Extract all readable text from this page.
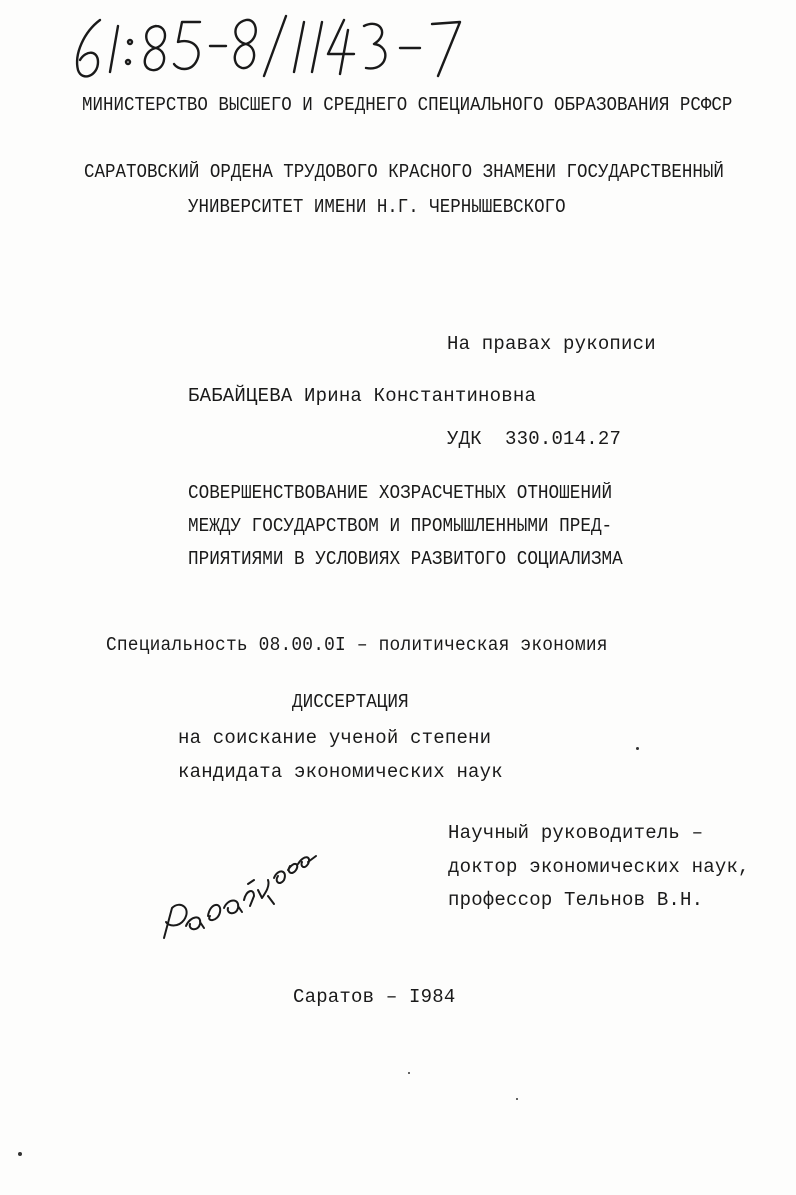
МИНИСТЕРСТВО ВЫСШЕГО И СРЕДНЕГО СПЕЦИАЛЬНОГО ОБРАЗОВАНИЯ РСФСР
САРАТОВСКИЙ ОРДЕНА ТРУДОВОГО КРАСНОГО ЗНАМЕНИ ГОСУДАРСТВЕННЫЙ
УНИВЕРСИТЕТ ИМЕНИ Н.Г. ЧЕРНЫШЕВСКОГО
На правах рукописи
БАБАЙЦЕВА Ирина Константиновна
УДК 330.014.27
СОВЕРШЕНСТВОВАНИЕ ХОЗРАСЧЕТНЫХ ОТНОШЕНИЙ
МЕЖДУ ГОСУДАРСТВОМ И ПРОМЫШЛЕННЫМИ ПРЕД-
ПРИЯТИЯМИ В УСЛОВИЯХ РАЗВИТОГО СОЦИАЛИЗМА
Специальность 08.00.0I – политическая экономия
ДИССЕРТАЦИЯ
на соискание ученой степени
кандидата экономических наук
Научный руководитель –
доктор экономических наук,
профессор Тельнов В.Н.
Саратов – I984
